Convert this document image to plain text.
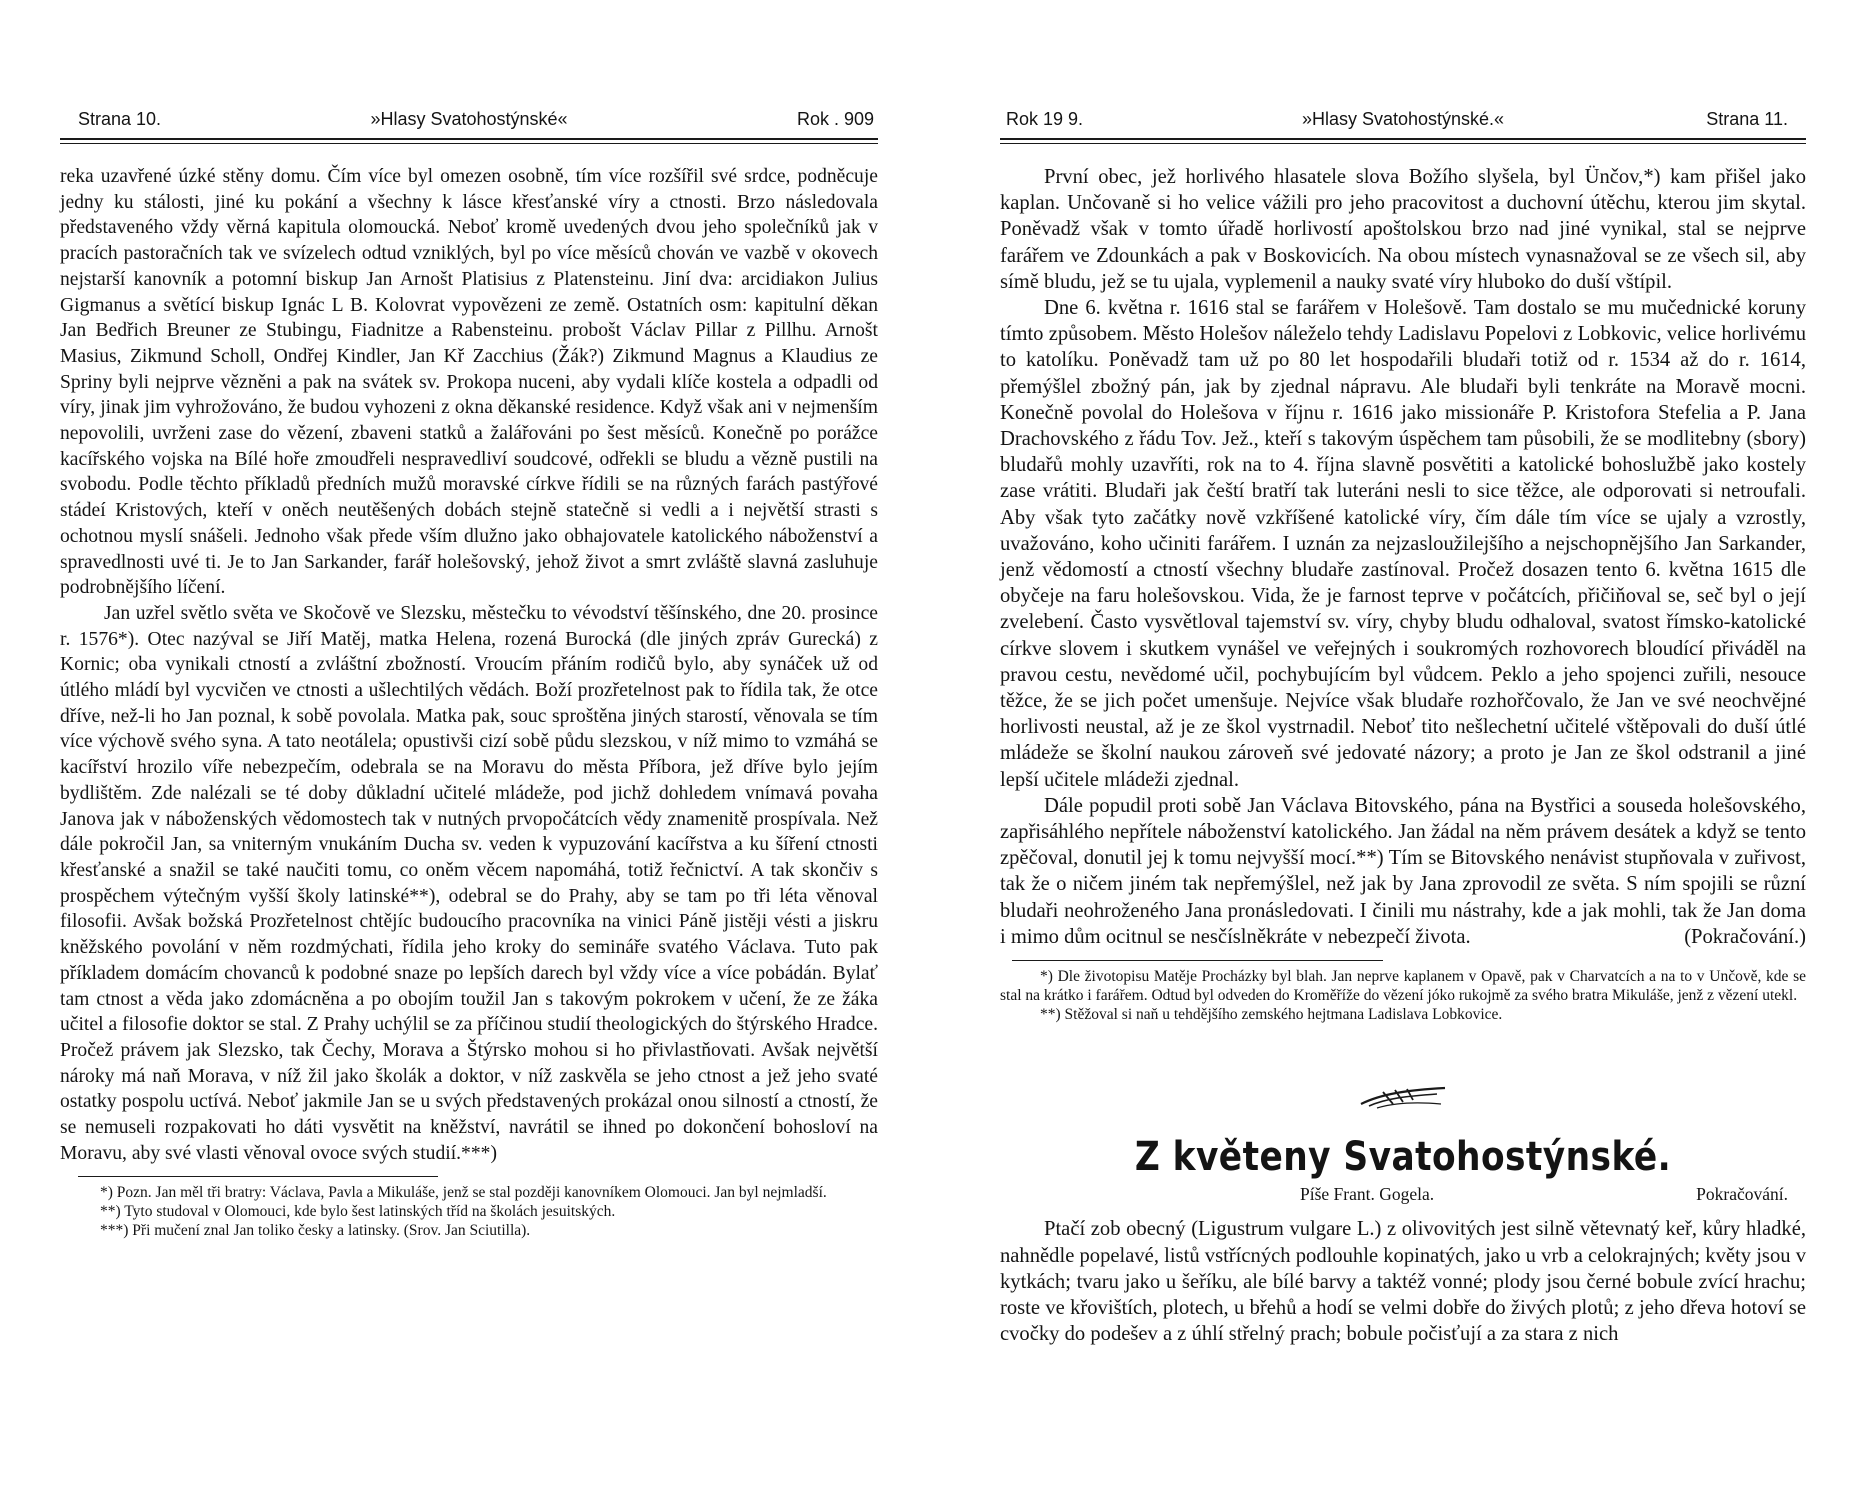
Strana 10.	»Hlasy Svatohostýnské«	Rok . 909

reka uzavřené úzké stěny domu. Čím více byl omezen osobně, tím více rozšířil své srdce, podněcuje jedny ku stálosti, jiné ku pokání a všechny k lásce křesťanské víry a ctnosti. Brzo následovala představeného vždy věrná kapitula olomoucká. Neboť kromě uvedených dvou jeho společníků jak v pracích pastoračních tak ve svízelech odtud vzniklých, byl po více měsíců chován ve vazbě v okovech nejstarší kanovník a potomní biskup Jan Arnošt Platisius z Platensteinu. Jiní dva: arcidiakon Julius Gigmanus a světící biskup Ignác L B. Kolovrat vypovězeni ze země. Ostatních osm: kapitulní děkan Jan Bedřich Breuner ze Stubingu, Fiadnitze a Rabensteinu. probošt Václav Pillar z Pillhu. Arnošt Masius, Zikmund Scholl, Ondřej Kindler, Jan Kř Zacchius (Žák?) Zikmund Magnus a Klaudius ze Spriny byli nejprve vězněni a pak na svátek sv. Prokopa nuceni, aby vydali klíče kostela a odpadli od víry, jinak jim vyhrožováno, že budou vyhozeni z okna děkanské residence. Když však ani v nejmenším nepovolili, uvrženi zase do vězení, zbaveni statků a žalářováni po šest měsíců. Konečně po porážce kacířského vojska na Bílé hoře zmoudřeli nespravedliví soudcové, odřekli se bludu a vězně pustili na svobodu. Podle těchto příkladů předních mužů moravské církve řídili se na různých farách pastýřové stádeí Kristových, kteří v oněch neutěšených dobách stejně statečně si vedli a i největší strasti s ochotnou myslí snášeli. Jednoho však přede vším dlužno jako obhajovatele katolického náboženství a spravedlnosti uvé ti. Je to Jan Sarkander, farář holešovský, jehož život a smrt zvláště slavná zasluhuje podrobnějšího líčení.

Jan uzřel světlo světa ve Skočově ve Slezsku, městečku to vévodství těšínského, dne 20. prosince r. 1576*). Otec nazýval se Jiří Matěj, matka Helena, rozená Burocká (dle jiných zpráv Gurecká) z Kornic; oba vynikali ctností a zvláštní zbožností. Vroucím přáním rodičů bylo, aby synáček už od útlého mládí byl vycvičen ve ctnosti a ušlechtilých vědách. Boží prozřetelnost pak to řídila tak, že otce dříve, než-li ho Jan poznal, k sobě povolala. Matka pak, souc sproštěna jiných starostí, věnovala se tím více výchově svého syna. A tato neotálela; opustivši cizí sobě půdu slezskou, v níž mimo to vzmáhá se kacířství hrozilo víře nebezpečím, odebrala se na Moravu do města Příbora, jež dříve bylo jejím bydlištěm. Zde nalézali se té doby důkladní učitelé mládeže, pod jichž dohledem vnímavá povaha Janova jak v náboženských vědomostech tak v nutných prvopočátcích vědy znamenitě prospívala. Než dále pokročil Jan, sa vniterným vnukáním Ducha sv. veden k vypuzování kacířstva a ku šíření ctnosti křesťanské a snažil se také naučiti tomu, co oněm věcem napomáhá, totiž řečnictví. A tak skončiv s prospěchem výtečným vyšší školy latinské**), odebral se do Prahy, aby se tam po tři léta věnoval filosofii. Avšak božská Prozřetelnost chtějíc budoucího pracovníka na vinici Páně jistěji vésti a jiskru kněžského povolání v něm rozdmýchati, řídila jeho kroky do semináře svatého Václava. Tuto pak příkladem domácím chovanců k podobné snaze po lepších darech byl vždy více a více pobádán. Bylať tam ctnost a věda jako zdomácněna a po obojím toužil Jan s takovým pokrokem v učení, že ze žáka učitel a filosofie doktor se stal. Z Prahy uchýlil se za příčinou studií theologických do štýrského Hradce. Pročež právem jak Slezsko, tak Čechy, Morava a Štýrsko mohou si ho přivlastňovati. Avšak největší nároky má naň Morava, v níž žil jako školák a doktor, v níž zaskvěla se jeho ctnost a jež jeho svaté ostatky pospolu uctívá. Neboť jakmile Jan se u svých představených prokázal onou silností a ctností, že se nemuseli rozpakovati ho dáti vysvětit na kněžství, navrátil se ihned po dokončení bohosloví na Moravu, aby své vlasti věnoval ovoce svých studií.***)

*) Pozn. Jan měl tři bratry: Václava, Pavla a Mikuláše, jenž se stal později kanovníkem Olomouci. Jan byl nejmladší.

**) Tyto studoval v Olomouci, kde bylo šest latinských tříd na školách jesuitských.

***) Při mučení znal Jan toliko česky a latinsky. (Srov. Jan Sciutilla).

Rok 19 9.	»Hlasy Svatohostýnské.«	Strana 11.

První obec, jež horlivého hlasatele slova Božího slyšela, byl Ünčov,*) kam přišel jako kaplan. Unčovaně si ho velice vážili pro jeho pracovitost a duchovní útěchu, kterou jim skytal. Poněvadž však v tomto úřadě horlivostí apoštolskou brzo nad jiné vynikal, stal se nejprve farářem ve Zdounkách a pak v Boskovicích. Na obou místech vynasnažoval se ze všech sil, aby símě bludu, jež se tu ujala, vyplemenil a nauky svaté víry hluboko do duší vštípil.

Dne 6. května r. 1616 stal se farářem v Holešově. Tam dostalo se mu mučednické koruny tímto způsobem. Město Holešov náleželo tehdy Ladislavu Popelovi z Lobkovic, velice horlivému to katolíku. Poněvadž tam už po 80 let hospodařili bludaři totiž od r. 1534 až do r. 1614, přemýšlel zbožný pán, jak by zjednal nápravu. Ale bludaři byli tenkráte na Moravě mocni. Konečně povolal do Holešova v říjnu r. 1616 jako missionáře P. Kristofora Stefelia a P. Jana Drachovského z řádu Tov. Jež., kteří s takovým úspěchem tam působili, že se modlitebny (sbory) bludařů mohly uzavříti, rok na to 4. října slavně posvětiti a katolické bohoslužbě jako kostely zase vrátiti. Bludaři jak čeští bratří tak luteráni nesli to sice těžce, ale odporovati si netroufali. Aby však tyto začátky nově vzkříšené katolické víry, čím dále tím více se ujaly a vzrostly, uvažováno, koho učiniti farářem. I uznán za nejzasloužilejšího a nejschopnějšího Jan Sarkander, jenž vědomostí a ctností všechny bludaře zastínoval. Pročež dosazen tento 6. května 1615 dle obyčeje na faru holešovskou. Vida, že je farnost teprve v počátcích, přičiňoval se, seč byl o její zvelebení. Často vysvětloval tajemství sv. víry, chyby bludu odhaloval, svatost římsko-katolické církve slovem i skutkem vynášel ve veřejných i soukromých rozhovorech bloudící přiváděl na pravou cestu, nevědomé učil, pochybujícím byl vůdcem. Peklo a jeho spojenci zuřili, nesouce těžce, že se jich počet umenšuje. Nejvíce však bludaře rozhořčovalo, že Jan ve své neochvějné horlivosti neustal, až je ze škol vystrnadil. Neboť tito nešlechetní učitelé vštěpovali do duší útlé mládeže se školní naukou zároveň své jedovaté názory; a proto je Jan ze škol odstranil a jiné lepší učitele mládeži zjednal.

Dále popudil proti sobě Jan Václava Bitovského, pána na Bystřici a souseda holešovského, zapřisáhlého nepřítele náboženství katolického. Jan žádal na něm právem desátek a když se tento zpěčoval, donutil jej k tomu nejvyšší mocí.**) Tím se Bitovského nenávist stupňovala v zuřivost, tak že o ničem jiném tak nepřemýšlel, než jak by Jana zprovodil ze světa. S ním spojili se různí bludaři neohroženého Jana pronásledovati. I činili mu nástrahy, kde a jak mohli, tak že Jan doma i mimo dům ocitnul se nesčíslněkráte v nebezpečí života.	(Pokračování.)

*) Dle životopisu Matěje Procházky byl blah. Jan neprve kaplanem v Opavě, pak v Charvatcích a na to v Unčově, kde se stal na krátko i farářem. Odtud byl odveden do Kroměříže do vězení jóko rukojmě za svého bratra Mikuláše, jenž z vězení utekl.

**) Stěžoval si naň u tehdějšího zemského hejtmana Ladislava Lobkovice.

Z květeny Svatohostýnské.
Píše Frant. Gogela.	Pokračování.

Ptačí zob obecný (Ligustrum vulgare L.) z olivovitých jest silně větevnatý keř, kůry hladké, nahnědle popelavé, listů vstřícných podlouhle kopinatých, jako u vrb a celokrajných; květy jsou v kytkách; tvaru jako u šeříku, ale bílé barvy a taktéž vonné; plody jsou černé bobule zvící hrachu; roste ve křovištích, plotech, u břehů a hodí se velmi dobře do živých plotů; z jeho dřeva hotoví se cvočky do podešev a z úhlí střelný prach; bobule počisťují a za stara z nich
